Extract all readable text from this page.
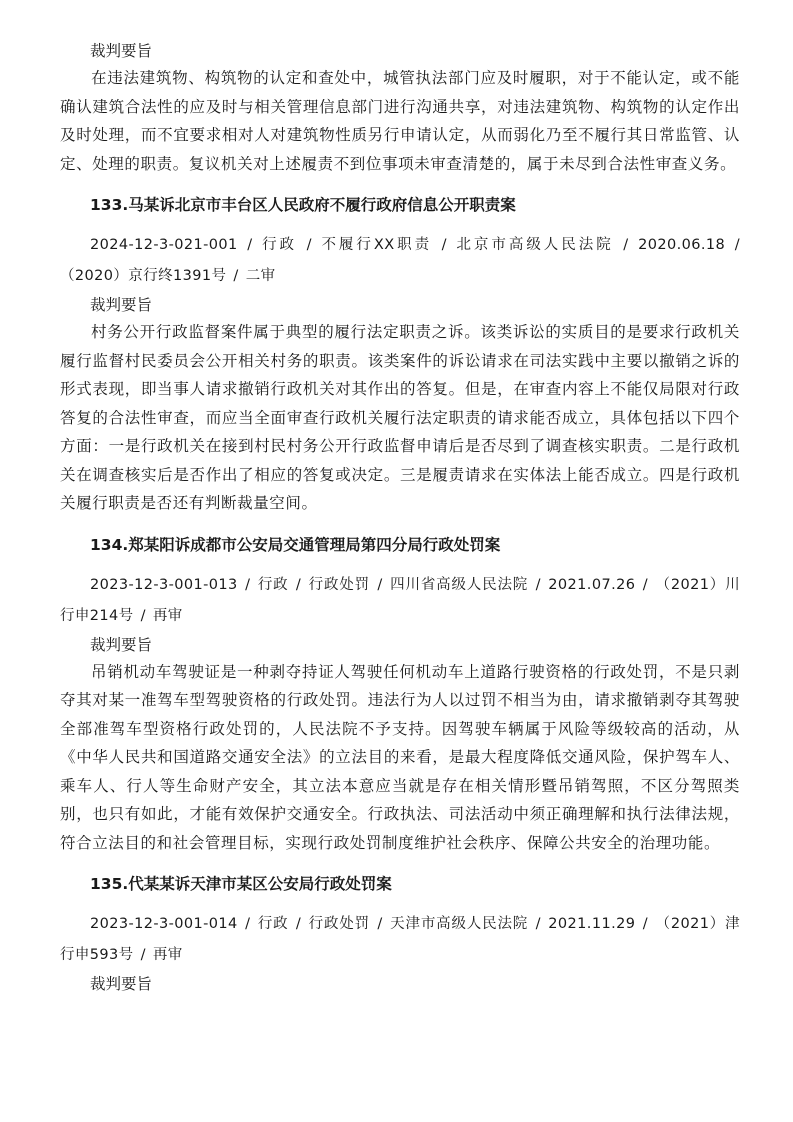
裁判要旨

在违法建筑物、构筑物的认定和查处中，城管执法部门应及时履职，对于不能认定，或不能确认建筑合法性的应及时与相关管理信息部门进行沟通共享，对违法建筑物、构筑物的认定作出及时处理，而不宜要求相对人对建筑物性质另行申请认定，从而弱化乃至不履行其日常监管、认定、处理的职责。复议机关对上述履责不到位事项未审查清楚的，属于未尽到合法性审查义务。

133.马某诉北京市丰台区人民政府不履行政府信息公开职责案

2024-12-3-021-001 / 行政 / 不履行XX职责 / 北京市高级人民法院 / 2020.06.18 / （2020）京行终1391号 / 二审

裁判要旨

村务公开行政监督案件属于典型的履行法定职责之诉。该类诉讼的实质目的是要求行政机关履行监督村民委员会公开相关村务的职责。该类案件的诉讼请求在司法实践中主要以撤销之诉的形式表现，即当事人请求撤销行政机关对其作出的答复。但是，在审查内容上不能仅局限对行政答复的合法性审查，而应当全面审查行政机关履行法定职责的请求能否成立，具体包括以下四个方面：一是行政机关在接到村民村务公开行政监督申请后是否尽到了调查核实职责。二是行政机关在调查核实后是否作出了相应的答复或决定。三是履责请求在实体法上能否成立。四是行政机关履行职责是否还有判断裁量空间。

134.郑某阳诉成都市公安局交通管理局第四分局行政处罚案

2023-12-3-001-013 / 行政 / 行政处罚 / 四川省高级人民法院 / 2021.07.26 / （2021）川行申214号 / 再审

裁判要旨

吊销机动车驾驶证是一种剥夺持证人驾驶任何机动车上道路行驶资格的行政处罚，不是只剥夺其对某一准驾车型驾驶资格的行政处罚。违法行为人以过罚不相当为由，请求撤销剥夺其驾驶全部准驾车型资格行政处罚的，人民法院不予支持。因驾驶车辆属于风险等级较高的活动，从《中华人民共和国道路交通安全法》的立法目的来看，是最大程度降低交通风险，保护驾车人、乘车人、行人等生命财产安全，其立法本意应当就是存在相关情形暨吊销驾照，不区分驾照类别，也只有如此，才能有效保护交通安全。行政执法、司法活动中须正确理解和执行法律法规，符合立法目的和社会管理目标，实现行政处罚制度维护社会秩序、保障公共安全的治理功能。

135.代某某诉天津市某区公安局行政处罚案

2023-12-3-001-014 / 行政 / 行政处罚 / 天津市高级人民法院 / 2021.11.29 / （2021）津行申593号 / 再审

裁判要旨
